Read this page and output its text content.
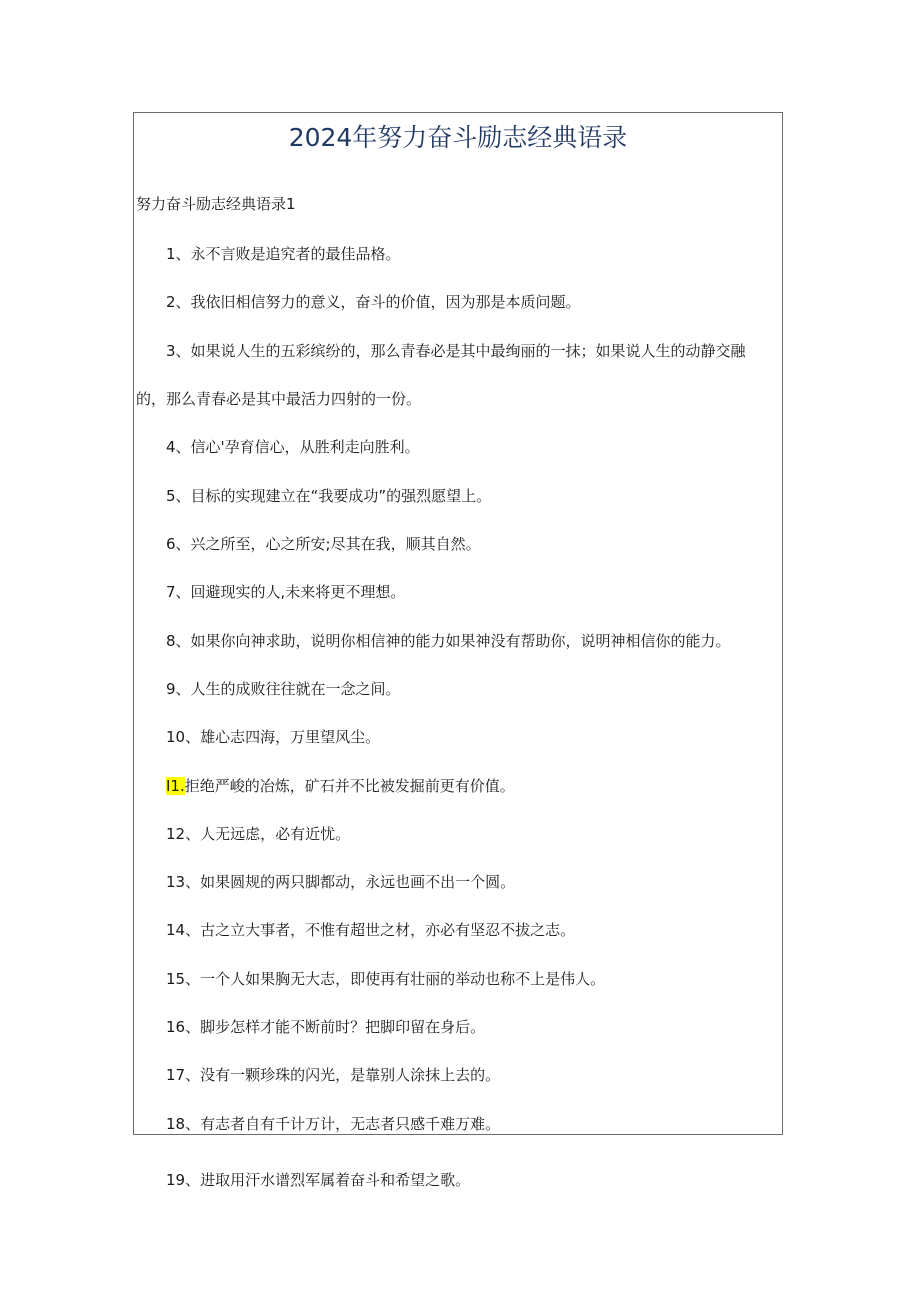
2024年努力奋斗励志经典语录

努力奋斗励志经典语录1

1、永不言败是追究者的最佳品格。

2、我依旧相信努力的意义，奋斗的价值，因为那是本质问题。

3、如果说人生的五彩缤纷的，那么青春必是其中最绚丽的一抹；如果说人生的动静交融

的，那么青春必是其中最活力四射的一份。

4、信心'孕育信心，从胜利走向胜利。

5、目标的实现建立在“我要成功”的强烈愿望上。

6、兴之所至，心之所安;尽其在我，顺其自然。

7、回避现实的人,未来将更不理想。

8、如果你向神求助，说明你相信神的能力如果神没有帮助你，说明神相信你的能力。

9、人生的成败往往就在一念之间。

10、雄心志四海，万里望风尘。

I1.拒绝严峻的冶炼，矿石并不比被发掘前更有价值。

12、人无远虑，必有近忧。

13、如果圆规的两只脚都动，永远也画不出一个圆。

14、古之立大事者，不惟有超世之材，亦必有坚忍不拔之志。

15、一个人如果胸无大志，即使再有壮丽的举动也称不上是伟人。

16、脚步怎样才能不断前时？把脚印留在身后。

17、没有一颗珍珠的闪光，是靠别人涂抹上去的。

18、有志者自有千计万计，无志者只感千难万难。

19、进取用汗水谱烈军属着奋斗和希望之歌。
